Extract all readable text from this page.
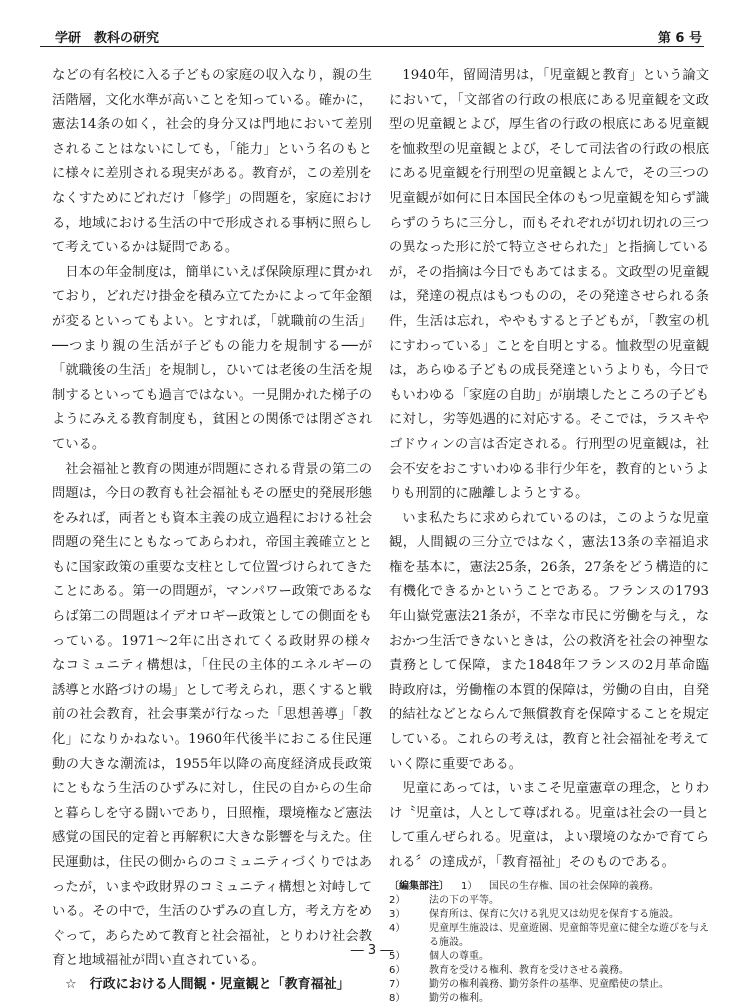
学研　教科の研究	第 6 号

などの有名校に入る子どもの家庭の収入なり，親の生活階層，文化水準が高いことを知っている。確かに，憲法14条の如く，社会的身分又は門地において差別されることはないにしても，「能力」という名のもとに様々に差別される現実がある。教育が，この差別をなくすためにどれだけ「修学」の問題を，家庭における，地域における生活の中で形成される事柄に照らして考えているかは疑問である。

日本の年金制度は，簡単にいえば保険原理に貫かれており，どれだけ掛金を積み立てたかによって年金額が変るといってもよい。とすれば，「就職前の生活」──つまり親の生活が子どもの能力を規制する──が「就職後の生活」を規制し，ひいては老後の生活を規制するといっても過言ではない。一見開かれた梯子のようにみえる教育制度も，貧困との関係では閉ざされている。

社会福祉と教育の関連が問題にされる背景の第二の問題は，今日の教育も社会福祉もその歴史的発展形態をみれば，両者とも資本主義の成立過程における社会問題の発生にともなってあらわれ，帝国主義確立とともに国家政策の重要な支柱として位置づけられてきたことにある。第一の問題が，マンパワー政策であるならば第二の問題はイデオロギー政策としての側面をもっている。1971～2年に出されてくる政財界の様々なコミュニティ構想は，「住民の主体的エネルギーの誘導と水路づけの場」として考えられ，悪くすると戦前の社会教育，社会事業が行なった「思想善導」「教化」になりかねない。1960年代後半におこる住民運動の大きな潮流は，1955年以降の高度経済成長政策にともなう生活のひずみに対し，住民の自からの生命と暮らしを守る闘いであり，日照権，環境権など憲法感覚の国民的定着と再解釈に大きな影響を与えた。住民運動は，住民の側からのコミュニティづくりではあったが，いまや政財界のコミュニティ構想と対峙している。その中で，生活のひずみの直し方，考え方をめぐって，あらためて教育と社会福祉，とりわけ社会教育と地域福祉が問い直されている。

☆　行政における人間観・児童観と「教育福祉」

1940年，留岡清男は，「児童観と教育」という論文において，「文部省の行政の根底にある児童観を文政型の児童観とよび，厚生省の行政の根底にある児童観を恤救型の児童観とよび，そして司法省の行政の根底にある児童観を行刑型の児童観とよんで，その三つの児童観が如何に日本国民全体のもつ児童観を知らず識らずのうちに三分し，而もそれぞれが切れ切れの三つの異なった形に於て特立させられた」と指摘しているが，その指摘は今日でもあてはまる。文政型の児童観は，発達の視点はもつものの，その発達させられる条件，生活は忘れ，ややもすると子どもが，「教室の机にすわっている」ことを自明とする。恤救型の児童観は，あらゆる子どもの成長発達というよりも，今日でもいわゆる「家庭の自助」が崩壊したところの子どもに対し，劣等処遇的に対応する。そこでは，ラスキやゴドウィンの言は否定される。行刑型の児童観は，社会不安をおこすいわゆる非行少年を，教育的というよりも刑罰的に融離しようとする。

いま私たちに求められているのは，このような児童観，人間観の三分立ではなく，憲法13条の幸福追求権を基本に，憲法25条，26条，27条をどう構造的に有機化できるかということである。フランスの1793年山嶽党憲法21条が，不幸な市民に労働を与え，なおかつ生活できないときは，公の救済を社会の神聖な責務として保障，また1848年フランスの2月革命臨時政府は，労働権の本質的保障は，労働の自由，自発的結社などとならんで無償教育を保障することを規定している。これらの考えは，教育と社会福祉を考えていく際に重要である。

児童にあっては，いまこそ児童憲章の理念，とりわけ〝児童は，人として尊ばれる。児童は社会の一員として重んぜられる。児童は，よい環境のなかで育てられる〞の達成が，「教育福祉」そのものである。

〔編集部注〕 1）	国民の生存権、国の社会保障的義務。
2）	法の下の平等。
3）	保育所は、保育に欠ける乳児又は幼児を保育する施設。
4）	児童厚生施設は、児童遊園、児童館等児童に健全な遊びを与える施設。
5）	個人の尊重。
6）	教育を受ける権利、教育を受けさせる義務。
7）	勤労の権利義務、勤労条件の基準、児童酷使の禁止。
8）	勤労の権利。
― 3 ―
